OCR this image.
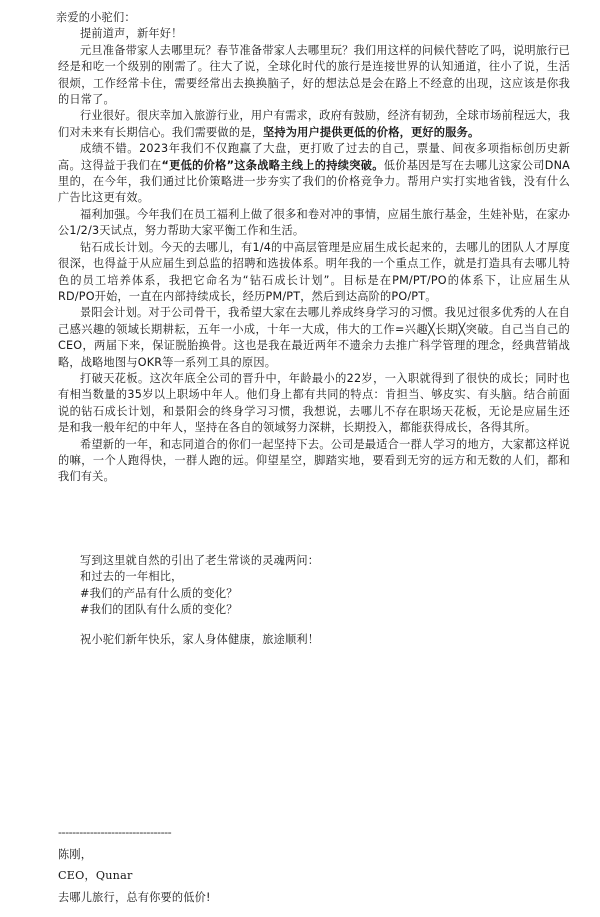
亲爱的小驼们：

提前道声，新年好！

元旦准备带家人去哪里玩？春节准备带家人去哪里玩？我们用这样的问候代替吃了吗，说明旅行已经是和吃一个级别的刚需了。往大了说，全球化时代的旅行是连接世界的认知通道，往小了说，生活很烦，工作经常卡住，需要经常出去换换脑子，好的想法总是会在路上不经意的出现，这应该是你我的日常了。

行业很好。很庆幸加入旅游行业，用户有需求，政府有鼓励，经济有韧劲，全球市场前程远大，我们对未来有长期信心。我们需要做的是，坚持为用户提供更低的价格，更好的服务。

成绩不错。2023年我们不仅跑赢了大盘，更打败了过去的自己，票量、间夜多项指标创历史新高。这得益于我们在“更低的价格”这条战略主线上的持续突破。低价基因是写在去哪儿这家公司DNA里的，在今年，我们通过比价策略进一步夯实了我们的价格竞争力。帮用户实打实地省钱，没有什么广告比这更有效。

福利加强。今年我们在员工福利上做了很多和卷对冲的事情，应届生旅行基金，生娃补贴，在家办公1/2/3天试点，努力帮助大家平衡工作和生活。

钻石成长计划。今天的去哪儿，有1/4的中高层管理是应届生成长起来的，去哪儿的团队人才厚度很深，也得益于从应届生到总监的招聘和选拔体系。明年我的一个重点工作，就是打造具有去哪儿特色的员工培养体系，我把它命名为“钻石成长计划”。目标是在PM/PT/PO的体系下，让应届生从RD/PO开始，一直在内部持续成长，经历PM/PT，然后到达高阶的PO/PT。

景阳会计划。对于公司骨干，我希望大家在去哪儿养成终身学习的习惯。我见过很多优秀的人在自己感兴趣的领域长期耕耘，五年一小成，十年一大成，伟大的工作=兴趣╳长期╳突破。自己当自己的CEO，两届下来，保证脱胎换骨。这也是我在最近两年不遗余力去推广科学管理的理念，经典营销战略，战略地图与OKR等一系列工具的原因。

打破天花板。这次年底全公司的晋升中，年龄最小的22岁，一入职就得到了很快的成长；同时也有相当数量的35岁以上职场中年人。他们身上都有共同的特点：肯担当、够皮实、有头脑。结合前面说的钻石成长计划，和景阳会的终身学习习惯，我想说，去哪儿不存在职场天花板，无论是应届生还是和我一般年纪的中年人，坚持在各自的领域努力深耕，长期投入，都能获得成长，各得其所。

希望新的一年，和志同道合的你们一起坚持下去。公司是最适合一群人学习的地方，大家都这样说的嘛，一个人跑得快，一群人跑的远。仰望星空，脚踏实地，要看到无穷的远方和无数的人们，都和我们有关。

写到这里就自然的引出了老生常谈的灵魂两问：

和过去的一年相比，

#我们的产品有什么质的变化？

#我们的团队有什么质的变化？

祝小驼们新年快乐，家人身体健康，旅途顺利！

--------------------------------

陈刚，

CEO，Qunar

去哪儿旅行，总有你要的低价!
